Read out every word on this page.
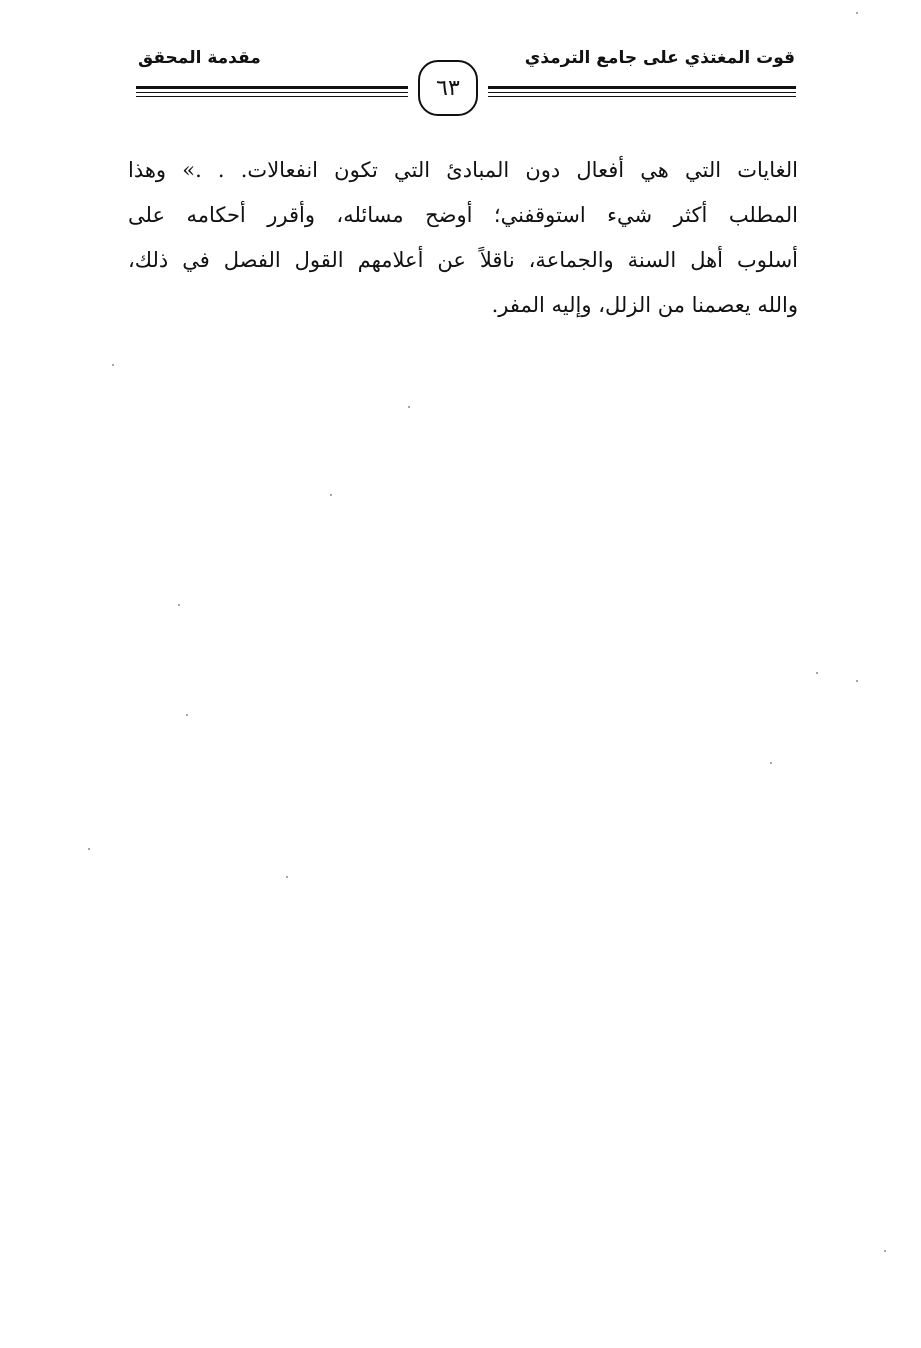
قوت المغتذي على جامع الترمذي
مقدمة المحقق
٦٣

الغايات التي هي أفعال دون المبادئ التي تكون انفعالات. . .» وهذا
المطلب أكثر شيء استوقفني؛ أوضح مسائله، وأقرر أحكامه على
أسلوب أهل السنة والجماعة، ناقلاً عن أعلامهم القول الفصل في ذلك،
والله يعصمنا من الزلل، وإليه المفر.
